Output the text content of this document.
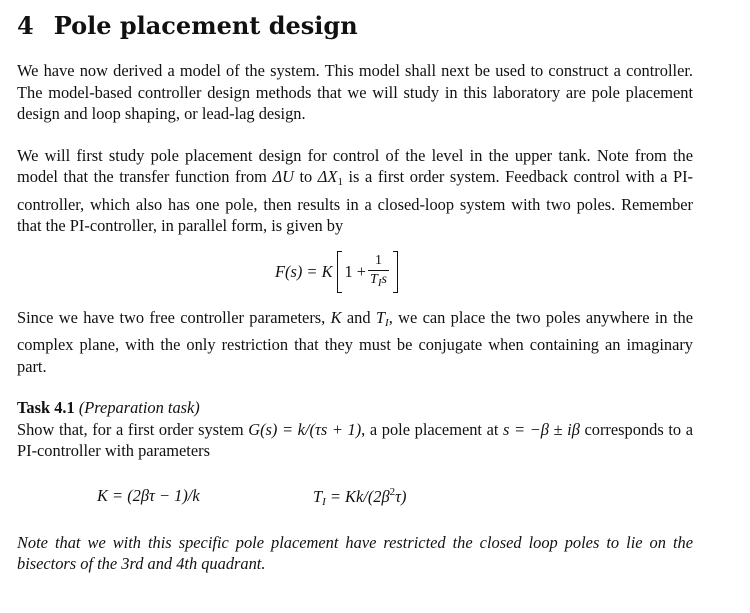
4 Pole placement design

We have now derived a model of the system. This model shall next be used to construct a controller. The model-based controller design methods that we will study in this laboratory are pole placement design and loop shaping, or lead-lag design.

We will first study pole placement design for control of the level in the upper tank. Note from the model that the transfer function from ΔU to $\Delta X_1$ is a first order system. Feedback control with a PI-controller, which also has one pole, then results in a closed-loop system with two poles. Remember that the PI-controller, in parallel form, is given by

F(s) = K $1 + \frac{1}{T_Is}$

Since we have two free controller parameters, K and $T_I$, we can place the two poles anywhere in the complex plane, with the only restriction that they must be conjugate when containing an imaginary part.

Task 4.1 (Preparation task)
Show that, for a first order system G(s) = k/(τs + 1), a pole placement at s = −β ± iβ corresponds to a PI-controller with parameters

K = (2βτ − 1)/k	$T_I = Kk/(2\beta^2\tau)$

Note that we with this specific pole placement have restricted the closed loop poles to lie on the bisectors of the 3rd and 4th quadrant.
